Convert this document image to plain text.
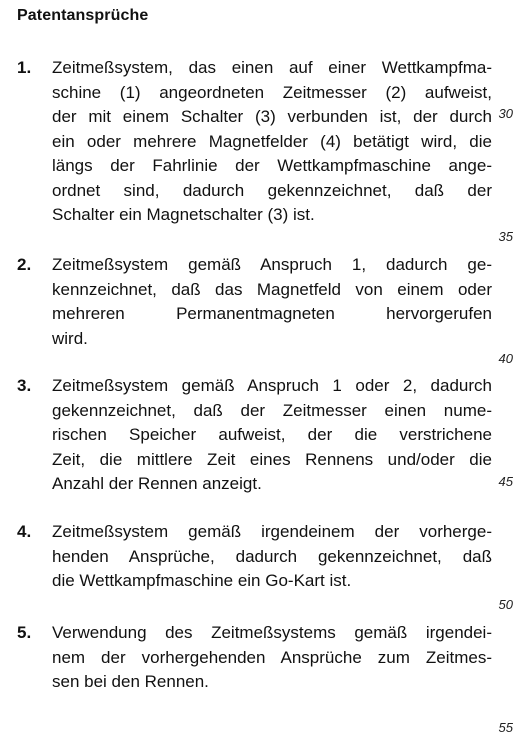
Patentansprüche
1. Zeitmeßsystem, das einen auf einer Wettkampfma-
schine (1) angeordneten Zeitmesser (2) aufweist,
der mit einem Schalter (3) verbunden ist, der durch
ein oder mehrere Magnetfelder (4) betätigt wird, die
längs der Fahrlinie der Wettkampfmaschine ange-
ordnet sind, dadurch gekennzeichnet, daß der
Schalter ein Magnetschalter (3) ist.
2. Zeitmeßsystem gemäß Anspruch 1, dadurch ge-
kennzeichnet, daß das Magnetfeld von einem oder
mehreren Permanentmagneten hervorgerufen
wird.
3. Zeitmeßsystem gemäß Anspruch 1 oder 2, dadurch
gekennzeichnet, daß der Zeitmesser einen nume-
rischen Speicher aufweist, der die verstrichene
Zeit, die mittlere Zeit eines Rennens und/oder die
Anzahl der Rennen anzeigt.
4. Zeitmeßsystem gemäß irgendeinem der vorherge-
henden Ansprüche, dadurch gekennzeichnet, daß
die Wettkampfmaschine ein Go-Kart ist.
5. Verwendung des Zeitmeßsystems gemäß irgendei-
nem der vorhergehenden Ansprüche zum Zeitmes-
sen bei den Rennen.
30
35
40
45
50
55
